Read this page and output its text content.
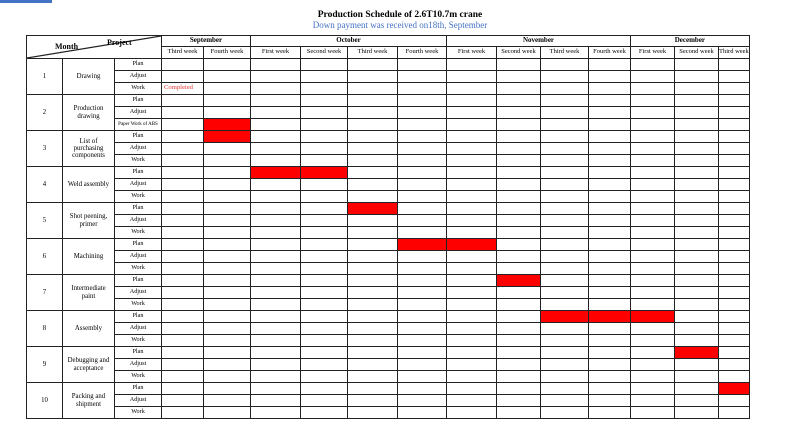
Production Schedule of 2.6T10.7m crane
Down payment was received on18th, September
Month Project			September		October				November				December		
			Third week	Fourth week	First week	Second week	Third week	Fourth week	First week	Second week	Third week	Fourth week	First week	Second week	Third week
1	Drawing	Plan													
		Adjust													
		Work	Completed												
2	Production drawing	Plan													
		Adjust													
		Paper Work of ABS													
3	List of purchasing components	Plan													
		Adjust													
		Work													
4	Weld assembly	Plan													
		Adjust													
		Work													
5	Shot peening, primer	Plan													
		Adjust													
		Work													
6	Machining	Plan													
		Adjust													
		Work													
7	Intermediate paint	Plan													
		Adjust													
		Work													
8	Assembly	Plan													
		Adjust													
		Work													
9	Debugging and acceptance	Plan													
		Adjust													
		Work													
10	Packing and shipment	Plan													
		Adjust													
		Work													
